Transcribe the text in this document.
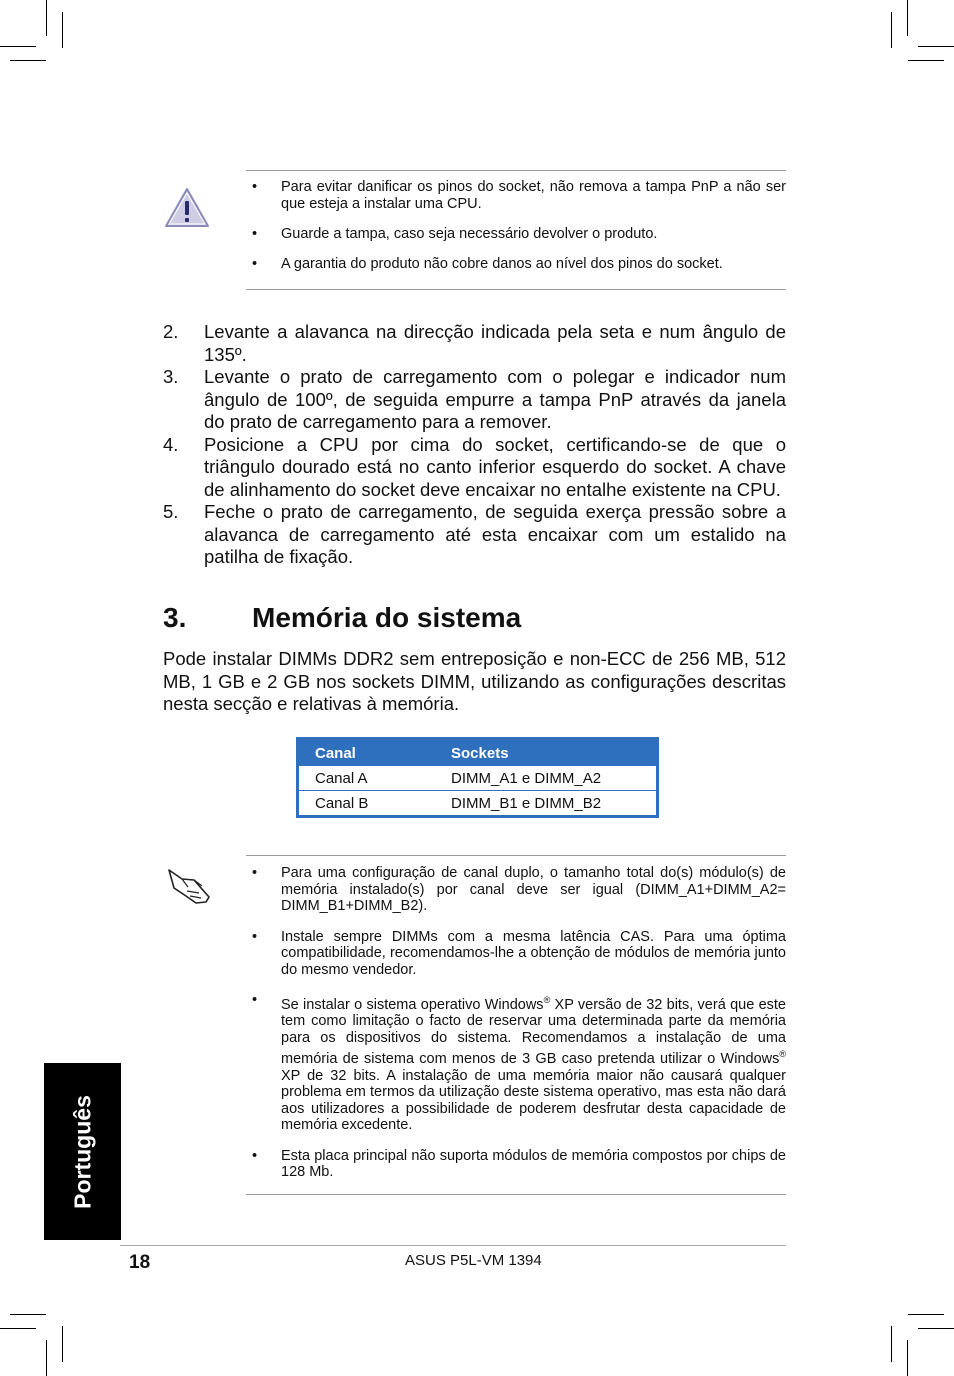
• Para evitar danificar os pinos do socket, não remova a tampa PnP a não ser que esteja a instalar uma CPU.
• Guarde a tampa, caso seja necessário devolver o produto.
• A garantia do produto não cobre danos ao nível dos pinos do socket.
2. Levante a alavanca na direcção indicada pela seta e num ângulo de 135º.
3. Levante o prato de carregamento com o polegar e indicador num ângulo de 100º, de seguida empurre a tampa PnP através da janela do prato de carregamento para a remover.
4. Posicione a CPU por cima do socket, certificando-se de que o triângulo dourado está no canto inferior esquerdo do socket. A chave de alinhamento do socket deve encaixar no entalhe existente na CPU.
5. Feche o prato de carregamento, de seguida exerça pressão sobre a alavanca de carregamento até esta encaixar com um estalido na patilha de fixação.
3. Memória do sistema

Pode instalar DIMMs DDR2 sem entreposição e non-ECC de 256 MB, 512 MB, 1 GB e 2 GB nos sockets DIMM, utilizando as configurações descritas nesta secção e relativas à memória.

Canal	Sockets
Canal A	DIMM_A1 e DIMM_A2
Canal B	DIMM_B1 e DIMM_B2
• Para uma configuração de canal duplo, o tamanho total do(s) módulo(s) de memória instalado(s) por canal deve ser igual (DIMM_A1+DIMM_A2= DIMM_B1+DIMM_B2).
• Instale sempre DIMMs com a mesma latência CAS. Para uma óptima compatibilidade, recomendamos-lhe a obtenção de módulos de memória junto do mesmo vendedor.
• Se instalar o sistema operativo Windows® XP versão de 32 bits, verá que este tem como limitação o facto de reservar uma determinada parte da memória para os dispositivos do sistema. Recomendamos a instalação de uma memória de sistema com menos de 3 GB caso pretenda utilizar o Windows® XP de 32 bits. A instalação de uma memória maior não causará qualquer problema em termos da utilização deste sistema operativo, mas esta não dará aos utilizadores a possibilidade de poderem desfrutar desta capacidade de memória excedente.
• Esta placa principal não suporta módulos de memória compostos por chips de 128 Mb.
Português
18	ASUS P5L-VM 1394
